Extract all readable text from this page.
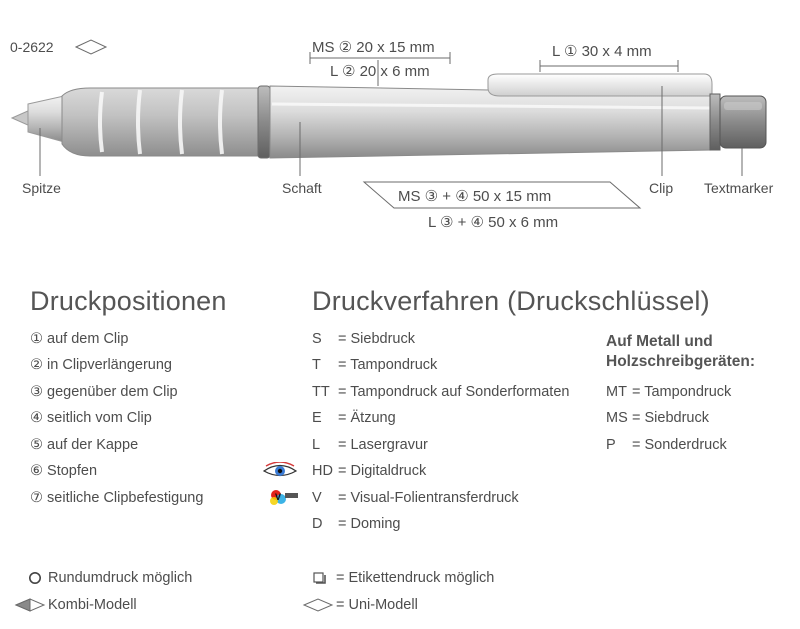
0-2622	MS ② 20 x 15 mm
L ② 20 x 6 mm
L ① 30 x 4 mm
MS ③ + ④ 50 x 15 mm
L ③ + ④ 50 x 6 mm
Spitze	Schaft	Clip Textmarker
Druckpositionen	Druckverfahren (Druckschlüssel)
① auf dem Clip
② in Clipverlängerung
③ gegenüber dem Clip
④ seitlich vom Clip
⑤ auf der Kappe
⑥ Stopfen
⑦ seitliche Clipbefestigung
S = Siebdruck
T = Tampondruck
TT = Tampondruck auf Sonderformaten
E = Ätzung
L = Lasergravur
HD = Digitaldruck
V = Visual-Folientransferdruck
D = Doming
V
Auf Metall und
Holzschreibgeräten:
MT = Tampondruck
MS = Siebdruck
P = Sonderdruck
Rundumdruck möglich
Kombi-Modell
= Etikettendruck möglich
= Uni-Modell
